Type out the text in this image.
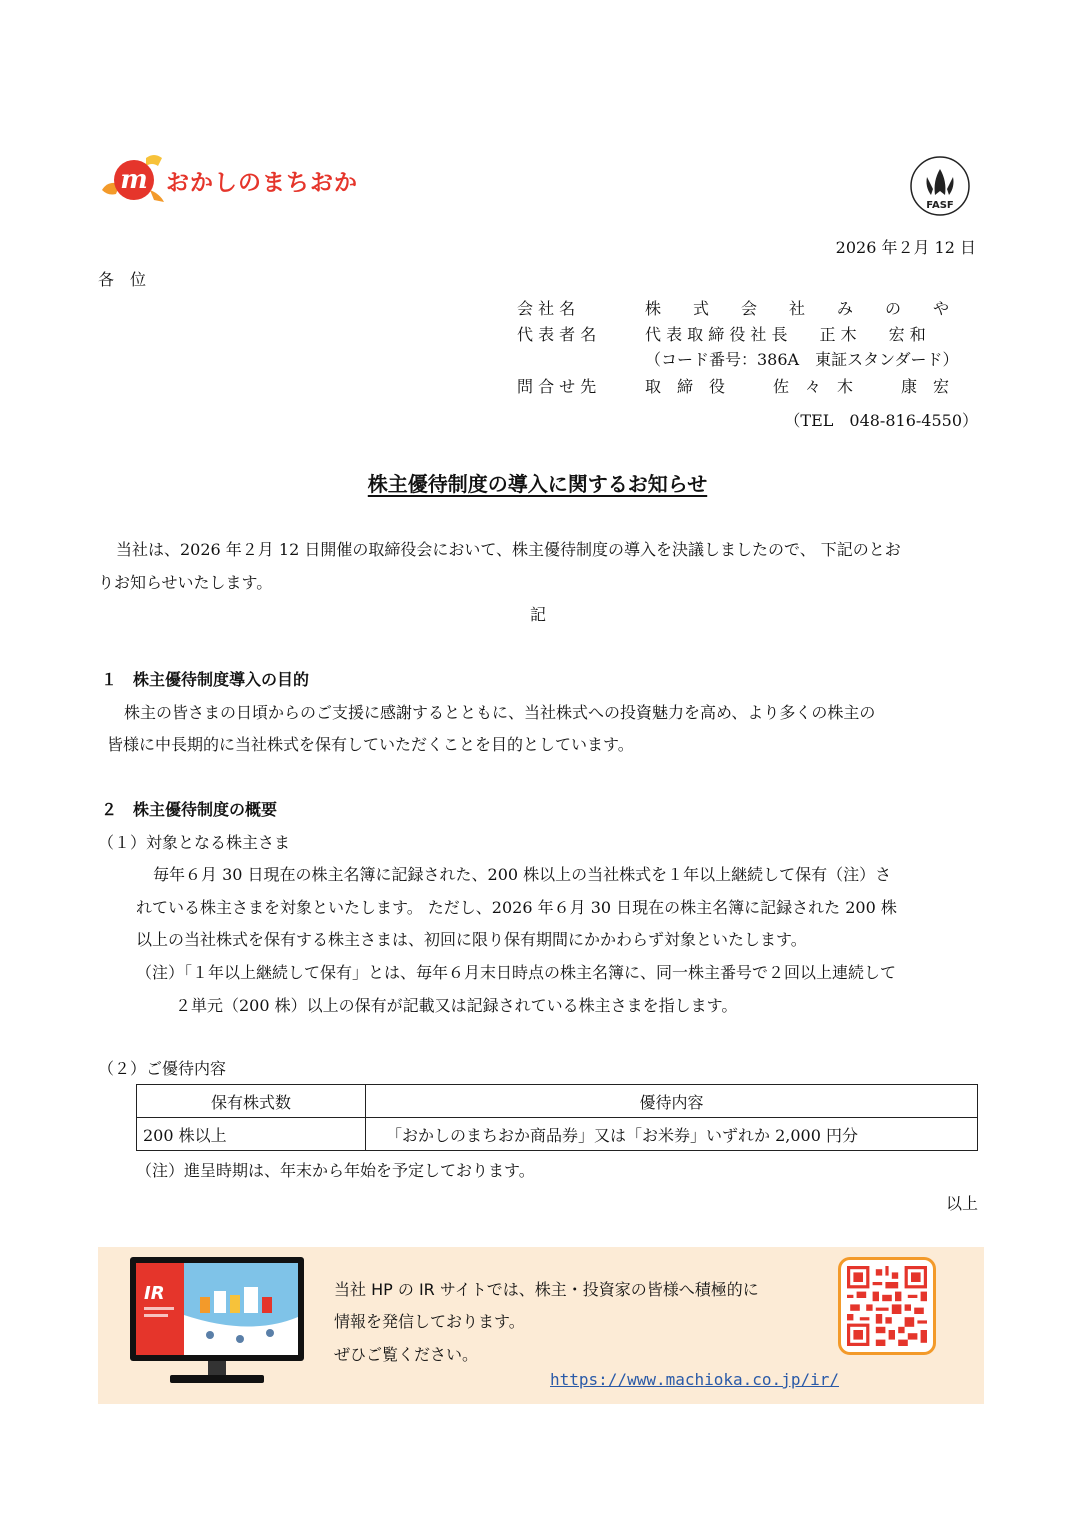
m おかしのまちおか
FASF
2026 年２月 12 日
各　位
会 社 名	株　　式　　会　　社　　み　　の　　や
代 表 者 名	代 表 取 締 役 社 長　　正 木　　宏 和
（コード番号：386A　東証スタンダード）
問 合 せ 先	取　締　役　　　佐　々　木　　　康　宏
（TEL　048-816-4550）
株主優待制度の導入に関するお知らせ
当社は、2026 年２月 12 日開催の取締役会において、株主優待制度の導入を決議しましたので、 下記のとお
りお知らせいたします。
記
１　株主優待制度導入の目的
株主の皆さまの日頃からのご支援に感謝するとともに、当社株式への投資魅力を高め、より多くの株主の
皆様に中長期的に当社株式を保有していただくことを目的としています。
２　株主優待制度の概要
（１）対象となる株主さま
毎年６月 30 日現在の株主名簿に記録された、200 株以上の当社株式を１年以上継続して保有（注）さ
れている株主さまを対象といたします。 ただし、2026 年６月 30 日現在の株主名簿に記録された 200 株
以上の当社株式を保有する株主さまは、初回に限り保有期間にかかわらず対象といたします。
（注）「１年以上継続して保有」とは、毎年６月末日時点の株主名簿に、同一株主番号で２回以上連続して
２単元（200 株）以上の保有が記載又は記録されている株主さまを指します。
（２）ご優待内容
保有株式数	優待内容
200 株以上	「おかしのまちおか商品券」又は「お米券」いずれか 2,000 円分
（注）進呈時期は、年末から年始を予定しております。
以上
IR	当社 HP の IR サイトでは、株主・投資家の皆様へ積極的に
情報を発信しております。
ぜひご覧ください。
https://www.machioka.co.jp/ir/
